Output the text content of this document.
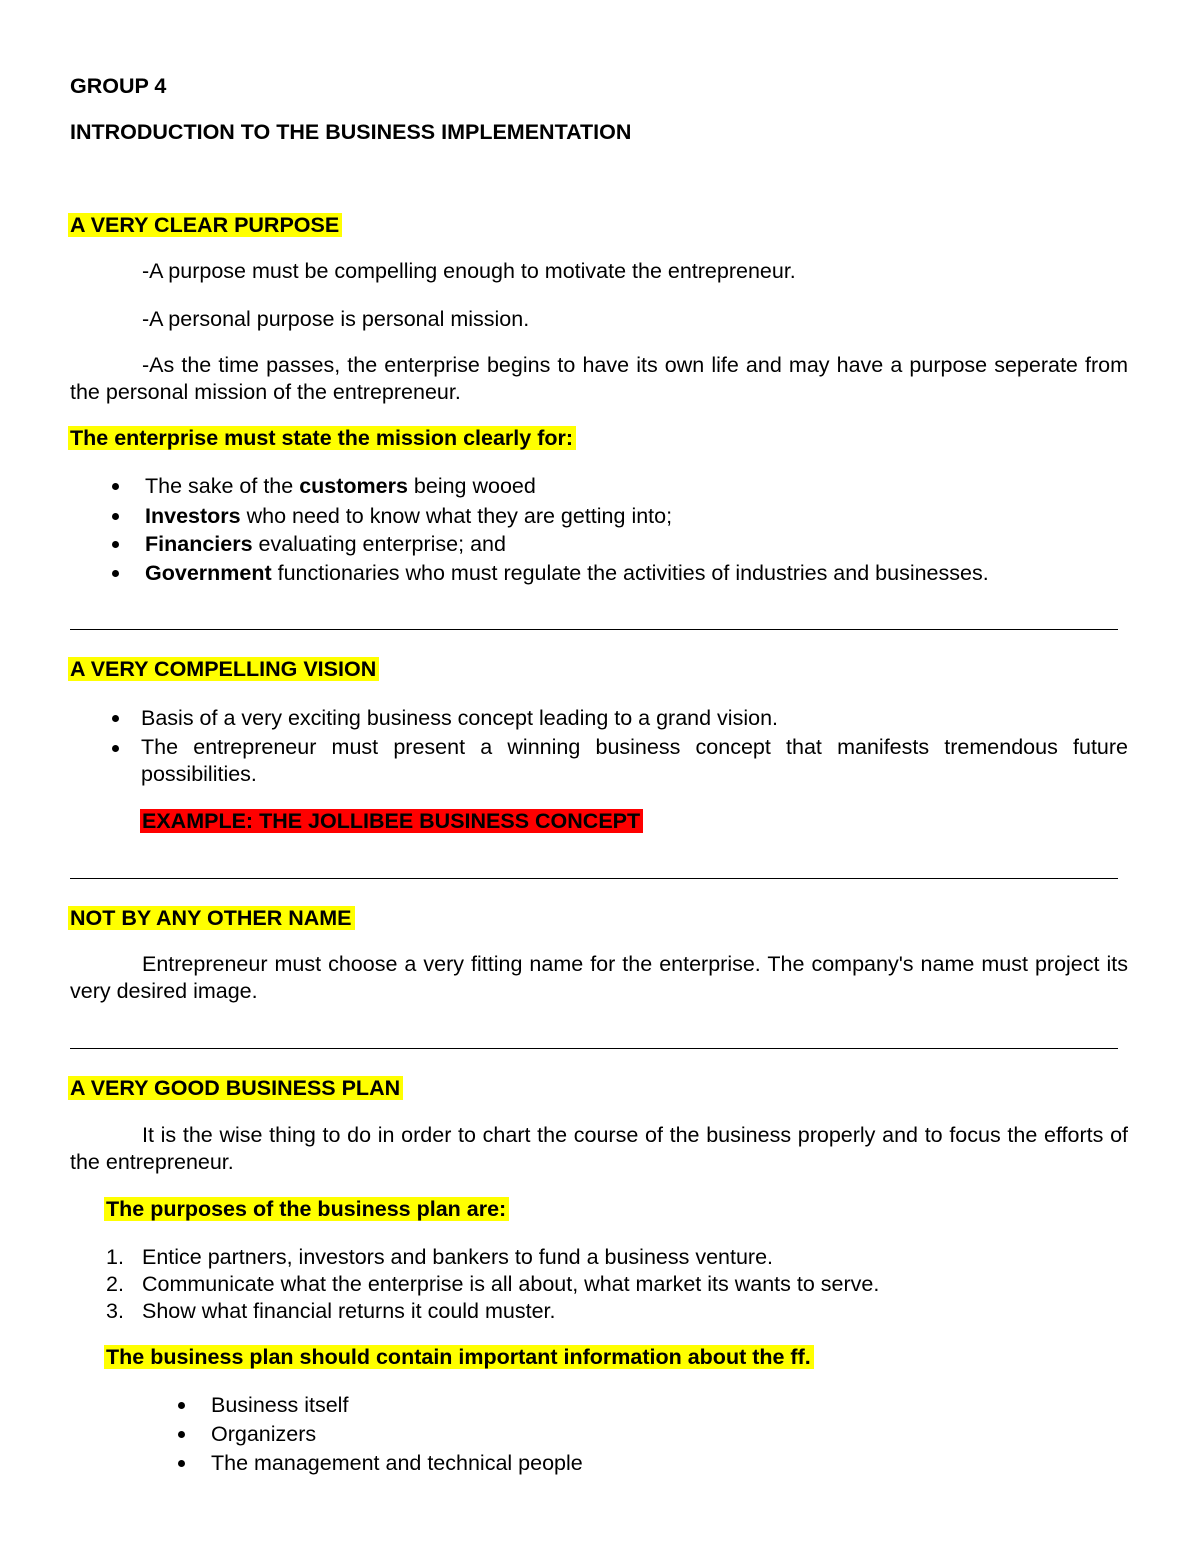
GROUP 4
INTRODUCTION TO THE BUSINESS IMPLEMENTATION
A VERY CLEAR PURPOSE
-A purpose must be compelling enough to motivate the entrepreneur.
-A personal purpose is personal mission.
-As the time passes, the enterprise begins to have its own life and may have a purpose seperate from the personal mission of the entrepreneur.
The enterprise must state the mission clearly for:
The sake of the customers being wooed
Investors who need to know what they are getting into;
Financiers evaluating enterprise; and
Government functionaries who must regulate the activities of industries and businesses.
A VERY COMPELLING VISION
Basis of a very exciting business concept leading to a grand vision.
The entrepreneur must present a winning business concept that manifests tremendous future possibilities.
EXAMPLE: THE JOLLIBEE BUSINESS CONCEPT
NOT BY ANY OTHER NAME
Entrepreneur must choose a very fitting name for the enterprise. The company's name must project its very desired image.
A VERY GOOD BUSINESS PLAN
It is the wise thing to do in order to chart the course of the business properly and to focus the efforts of the entrepreneur.
The purposes of the business plan are:
1. Entice partners, investors and bankers to fund a business venture.
2. Communicate what the enterprise is all about, what market its wants to serve.
3. Show what financial returns it could muster.
The business plan should contain important information about the ff.
Business itself
Organizers
The management and technical people
